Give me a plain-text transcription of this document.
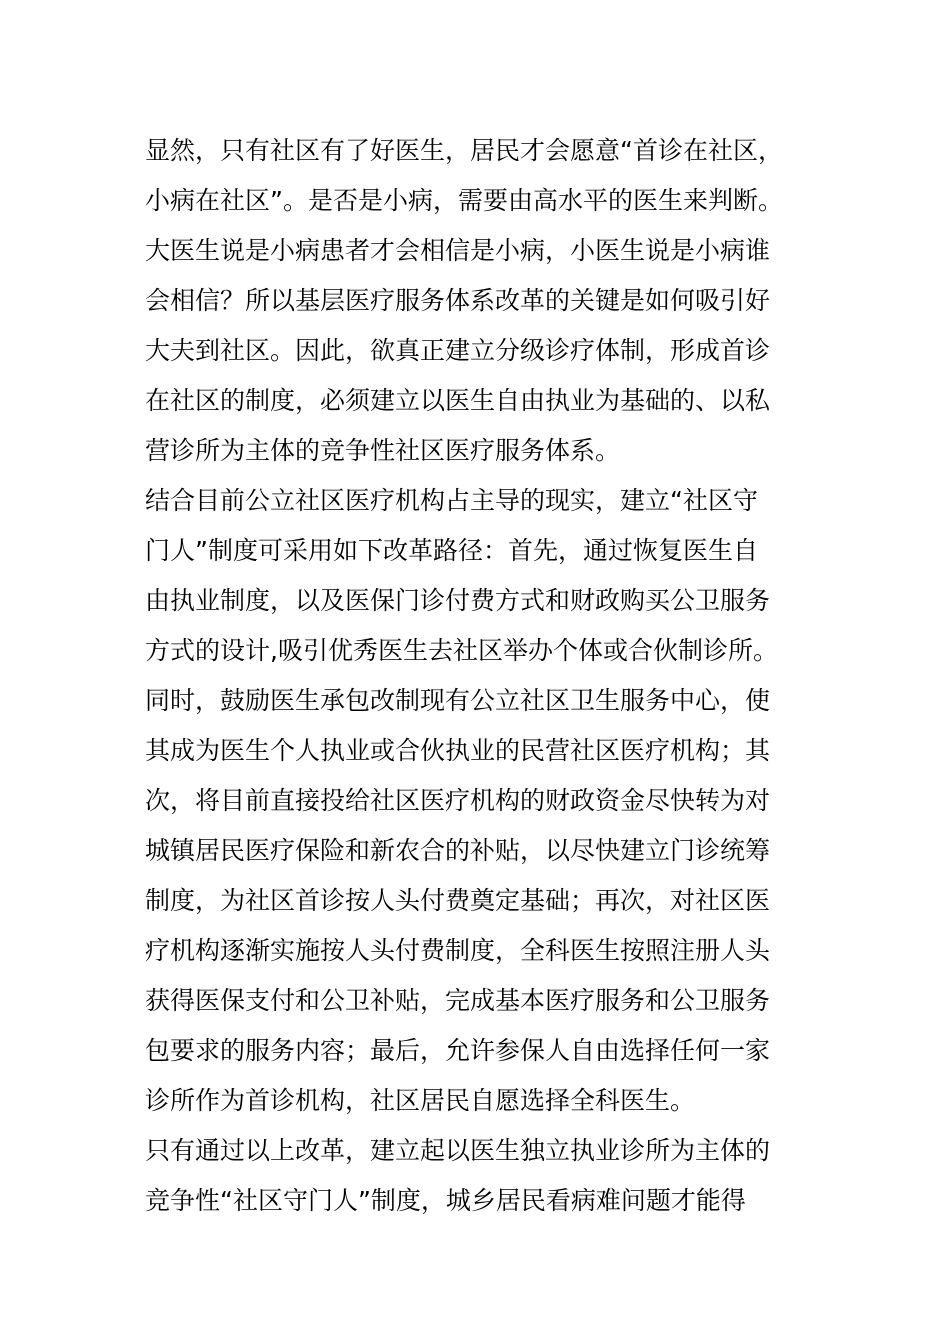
显然，只有社区有了好医生，居民才会愿意“首诊在社区，
小病在社区”。是否是小病，需要由高水平的医生来判断。
大医生说是小病患者才会相信是小病，小医生说是小病谁
会相信？所以基层医疗服务体系改革的关键是如何吸引好
大夫到社区。因此，欲真正建立分级诊疗体制，形成首诊
在社区的制度，必须建立以医生自由执业为基础的、以私
营诊所为主体的竞争性社区医疗服务体系。

结合目前公立社区医疗机构占主导的现实，建立“社区守
门人”制度可采用如下改革路径：首先，通过恢复医生自
由执业制度，以及医保门诊付费方式和财政购买公卫服务
方式的设计,吸引优秀医生去社区举办个体或合伙制诊所。
同时，鼓励医生承包改制现有公立社区卫生服务中心，使
其成为医生个人执业或合伙执业的民营社区医疗机构；其
次，将目前直接投给社区医疗机构的财政资金尽快转为对
城镇居民医疗保险和新农合的补贴，以尽快建立门诊统筹
制度，为社区首诊按人头付费奠定基础；再次，对社区医
疗机构逐渐实施按人头付费制度，全科医生按照注册人头
获得医保支付和公卫补贴，完成基本医疗服务和公卫服务
包要求的服务内容；最后，允许参保人自由选择任何一家
诊所作为首诊机构，社区居民自愿选择全科医生。

只有通过以上改革，建立起以医生独立执业诊所为主体的
竞争性“社区守门人”制度，城乡居民看病难问题才能得
